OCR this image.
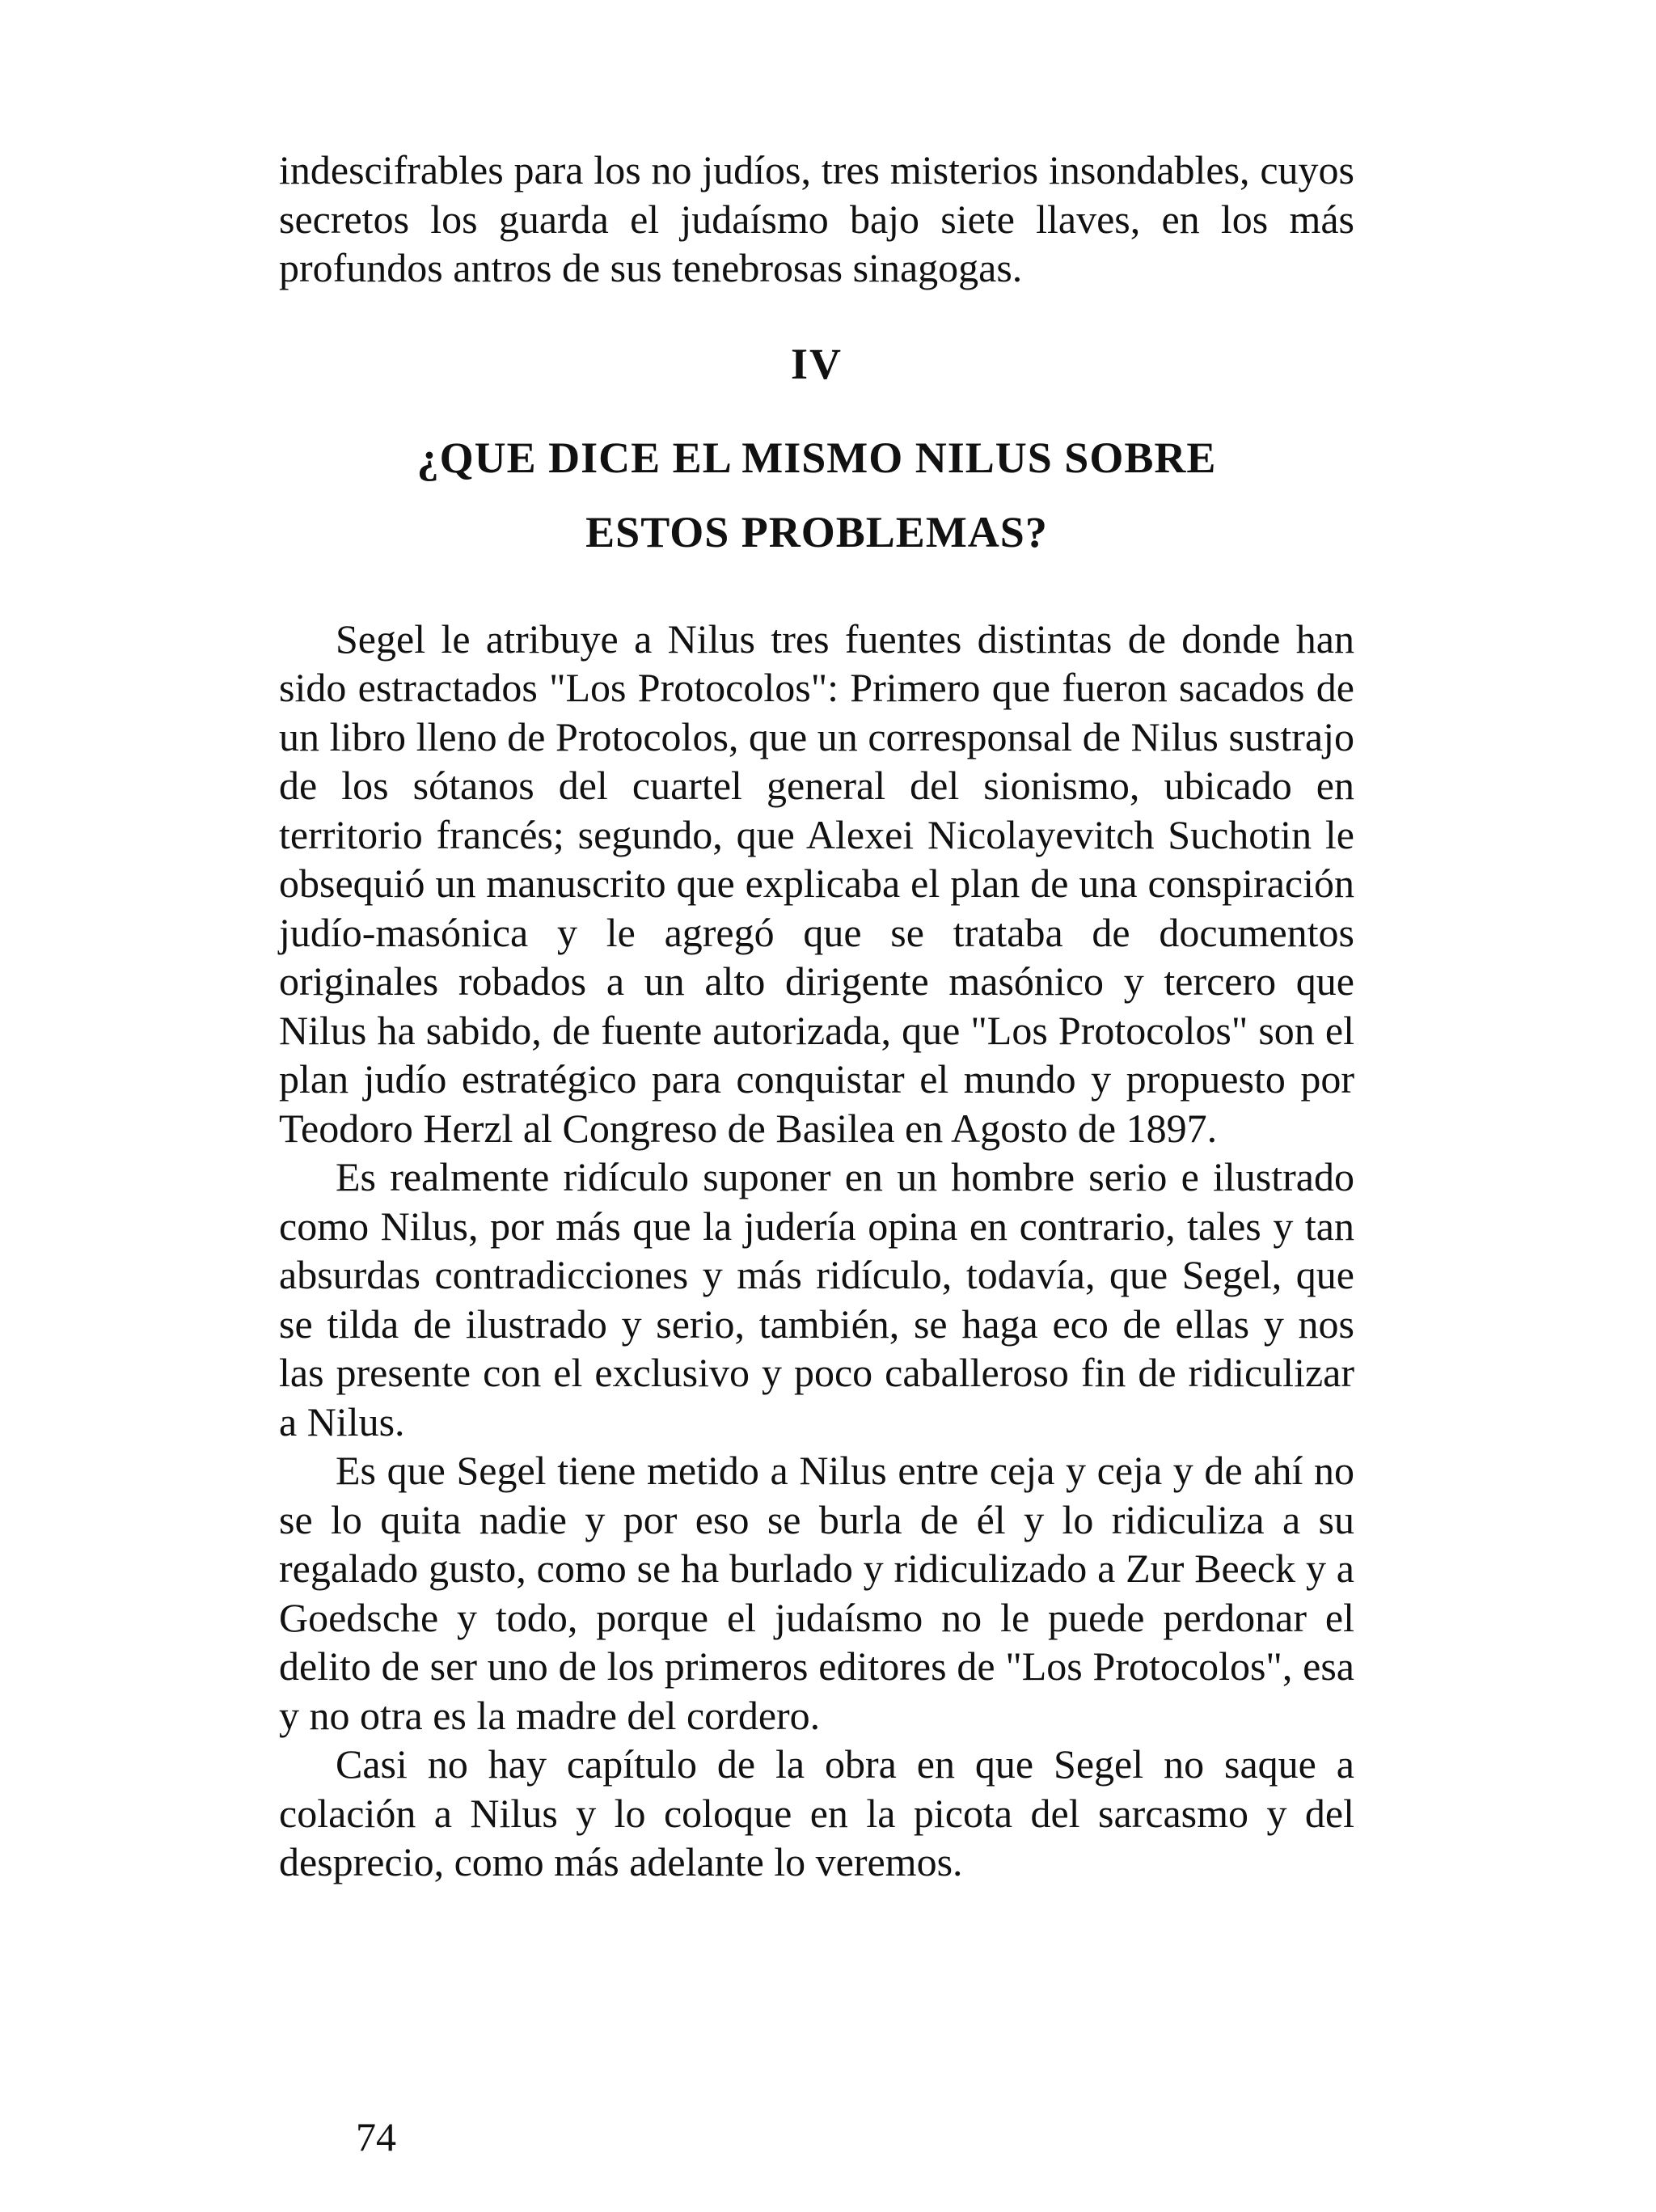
indescifrables para los no judíos, tres misterios insondables, cuyos secretos los guarda el judaísmo bajo siete llaves, en los más profundos antros de sus tenebrosas sinagogas.

IV
¿QUE DICE EL MISMO NILUS SOBRE
ESTOS PROBLEMAS?

Segel le atribuye a Nilus tres fuentes distintas de donde han sido estractados "Los Protocolos": Primero que fueron sacados de un libro lleno de Protocolos, que un corresponsal de Nilus sustrajo de los sótanos del cuartel general del sionismo, ubicado en territorio francés; segundo, que Alexei Nicolayevitch Suchotin le obsequió un manuscrito que explicaba el plan de una conspiración judío-masónica y le agregó que se trataba de documentos originales robados a un alto dirigente masónico y tercero que Nilus ha sabido, de fuente autorizada, que "Los Protocolos" son el plan judío estratégico para conquistar el mundo y propuesto por Teodoro Herzl al Congreso de Basilea en Agosto de 1897.

Es realmente ridículo suponer en un hombre serio e ilustrado como Nilus, por más que la judería opina en contrario, tales y tan absurdas contradicciones y más ridículo, todavía, que Segel, que se tilda de ilustrado y serio, también, se haga eco de ellas y nos las presente con el exclusivo y poco caballeroso fin de ridiculizar a Nilus.

Es que Segel tiene metido a Nilus entre ceja y ceja y de ahí no se lo quita nadie y por eso se burla de él y lo ridiculiza a su regalado gusto, como se ha burlado y ridiculizado a Zur Beeck y a Goedsche y todo, porque el judaísmo no le puede perdonar el delito de ser uno de los primeros editores de "Los Protocolos", esa y no otra es la madre del cordero.

Casi no hay capítulo de la obra en que Segel no saque a colación a Nilus y lo coloque en la picota del sarcasmo y del desprecio, como más adelante lo veremos.

74
